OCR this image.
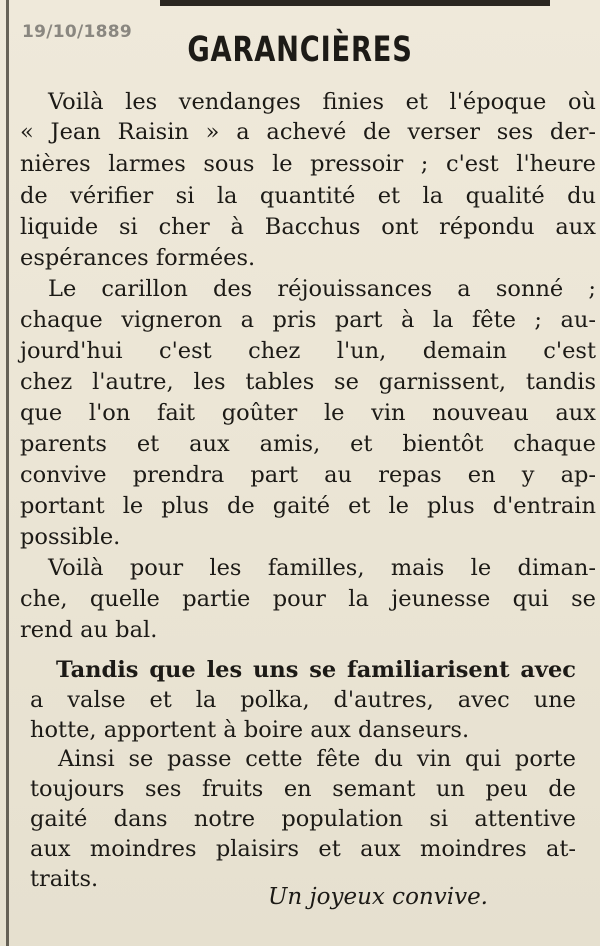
19/10/1889	GARANCIÈRES
Voilà les vendanges finies et l'époque où
« Jean Raisin » a achevé de verser ses der-
nières larmes sous le pressoir ; c'est l'heure
de vérifier si la quantité et la qualité du
liquide si cher à Bacchus ont répondu aux
espérances formées.
Le carillon des réjouissances a sonné ;
chaque vigneron a pris part à la fête ; au-
jourd'hui c'est chez l'un, demain c'est
chez l'autre, les tables se garnissent, tandis
que l'on fait goûter le vin nouveau aux
parents et aux amis, et bientôt chaque
convive prendra part au repas en y ap-
portant le plus de gaité et le plus d'entrain
possible.
Voilà pour les familles, mais le diman-
che, quelle partie pour la jeunesse qui se
rend au bal.
Tandis que les uns se familiarisent avec
a valse et la polka, d'autres, avec une
hotte, apportent à boire aux danseurs.
Ainsi se passe cette fête du vin qui porte
toujours ses fruits en semant un peu de
gaité dans notre population si attentive
aux moindres plaisirs et aux moindres at-
traits.
Un joyeux convive.
